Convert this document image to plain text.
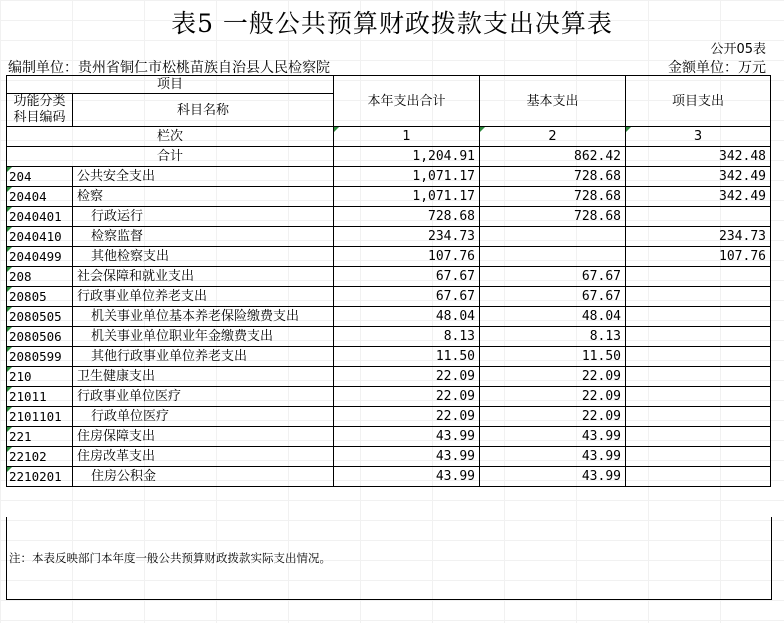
表5 一般公共预算财政拨款支出决算表
公开05表
编制单位：贵州省铜仁市松桃苗族自治县人民检察院	金额单位：万元
项目		本年支出合计	基本支出	项目支出
功能分类科目编码	科目名称			
栏次		1	2	3
合计		1,204.91	862.42	342.48
204	公共安全支出	1,071.17	728.68	342.49
20404	检察	1,071.17	728.68	342.49
2040401	行政运行	728.68	728.68	
2040410	检察监督	234.73		234.73
2040499	其他检察支出	107.76		107.76
208	社会保障和就业支出	67.67	67.67	
20805	行政事业单位养老支出	67.67	67.67	
2080505	机关事业单位基本养老保险缴费支出	48.04	48.04	
2080506	机关事业单位职业年金缴费支出	8.13	8.13	
2080599	其他行政事业单位养老支出	11.50	11.50	
210	卫生健康支出	22.09	22.09	
21011	行政事业单位医疗	22.09	22.09	
2101101	行政单位医疗	22.09	22.09	
221	住房保障支出	43.99	43.99	
22102	住房改革支出	43.99	43.99	
2210201	住房公积金	43.99	43.99	
注：本表反映部门本年度一般公共预算财政拨款实际支出情况。
